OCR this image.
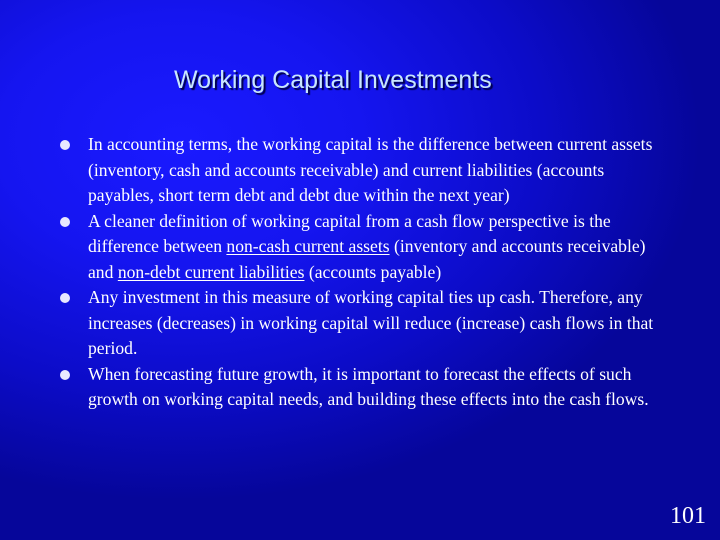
Working Capital Investments
In accounting terms, the working capital is the difference between current assets (inventory, cash and accounts receivable) and current liabilities (accounts payables, short term debt and debt due within the next year)
A cleaner definition of working capital from a cash flow perspective is the difference between non-cash current assets (inventory and accounts receivable) and non-debt current liabilities (accounts payable)
Any investment in this measure of working capital ties up cash. Therefore, any increases (decreases) in working capital will reduce (increase) cash flows in that period.
When forecasting future growth, it is important to forecast the effects of such growth on working capital needs, and building these effects into the cash flows.
101
